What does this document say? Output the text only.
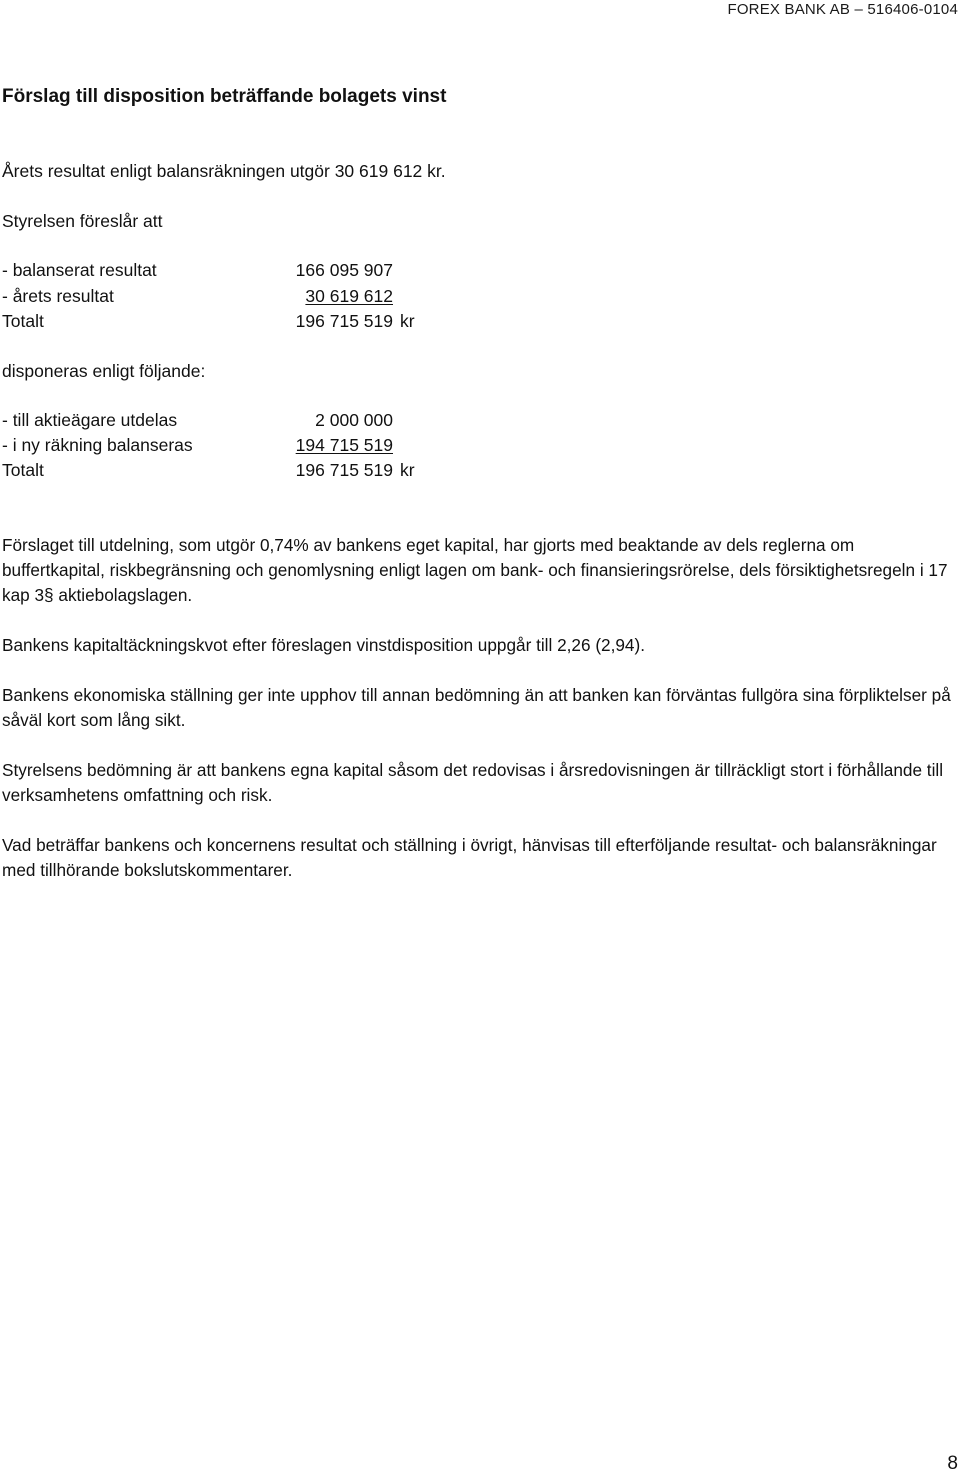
FOREX BANK AB – 516406-0104
Förslag till disposition beträffande bolagets vinst

Årets resultat enligt balansräkningen utgör 30 619 612 kr.

Styrelsen föreslår att

- balanserat resultat	166 095 907
- årets resultat	30 619 612
Totalt	196 715 519 kr

disponeras enligt följande:

- till aktieägare utdelas	2 000 000
- i ny räkning balanseras	194 715 519
Totalt	196 715 519 kr

Förslaget till utdelning, som utgör 0,74% av bankens eget kapital, har gjorts med beaktande av dels reglerna om buffertkapital, riskbegränsning och genomlysning enligt lagen om bank- och finansieringsrörelse, dels försiktighetsregeln i 17 kap 3§ aktiebolagslagen.

Bankens kapitaltäckningskvot efter föreslagen vinstdisposition uppgår till 2,26 (2,94).

Bankens ekonomiska ställning ger inte upphov till annan bedömning än att banken kan förväntas fullgöra sina förpliktelser på såväl kort som lång sikt.

Styrelsens bedömning är att bankens egna kapital såsom det redovisas i årsredovisningen är tillräckligt stort i förhållande till verksamhetens omfattning och risk.

Vad beträffar bankens och koncernens resultat och ställning i övrigt, hänvisas till efterföljande resultat- och balansräkningar med tillhörande bokslutskommentarer.

8
